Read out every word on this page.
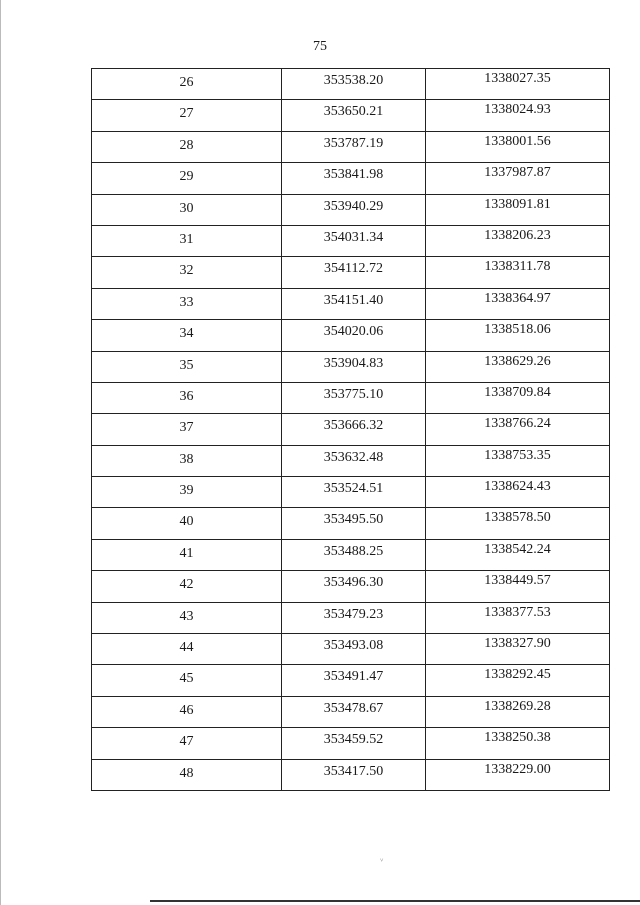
75
26	353538.20	1338027.35

27	353650.21	1338024.93

28	353787.19	1338001.56

29	353841.98	1337987.87

30	353940.29	1338091.81

31	354031.34	1338206.23

32	354112.72	1338311.78

33	354151.40	1338364.97

34	354020.06	1338518.06

35	353904.83	1338629.26

36	353775.10	1338709.84

37	353666.32	1338766.24

38	353632.48	1338753.35

39	353524.51	1338624.43

40	353495.50	1338578.50

41	353488.25	1338542.24

42	353496.30	1338449.57

43	353479.23	1338377.53

44	353493.08	1338327.90

45	353491.47	1338292.45

46	353478.67	1338269.28

47	353459.52	1338250.38

48	353417.50	1338229.00
˅
